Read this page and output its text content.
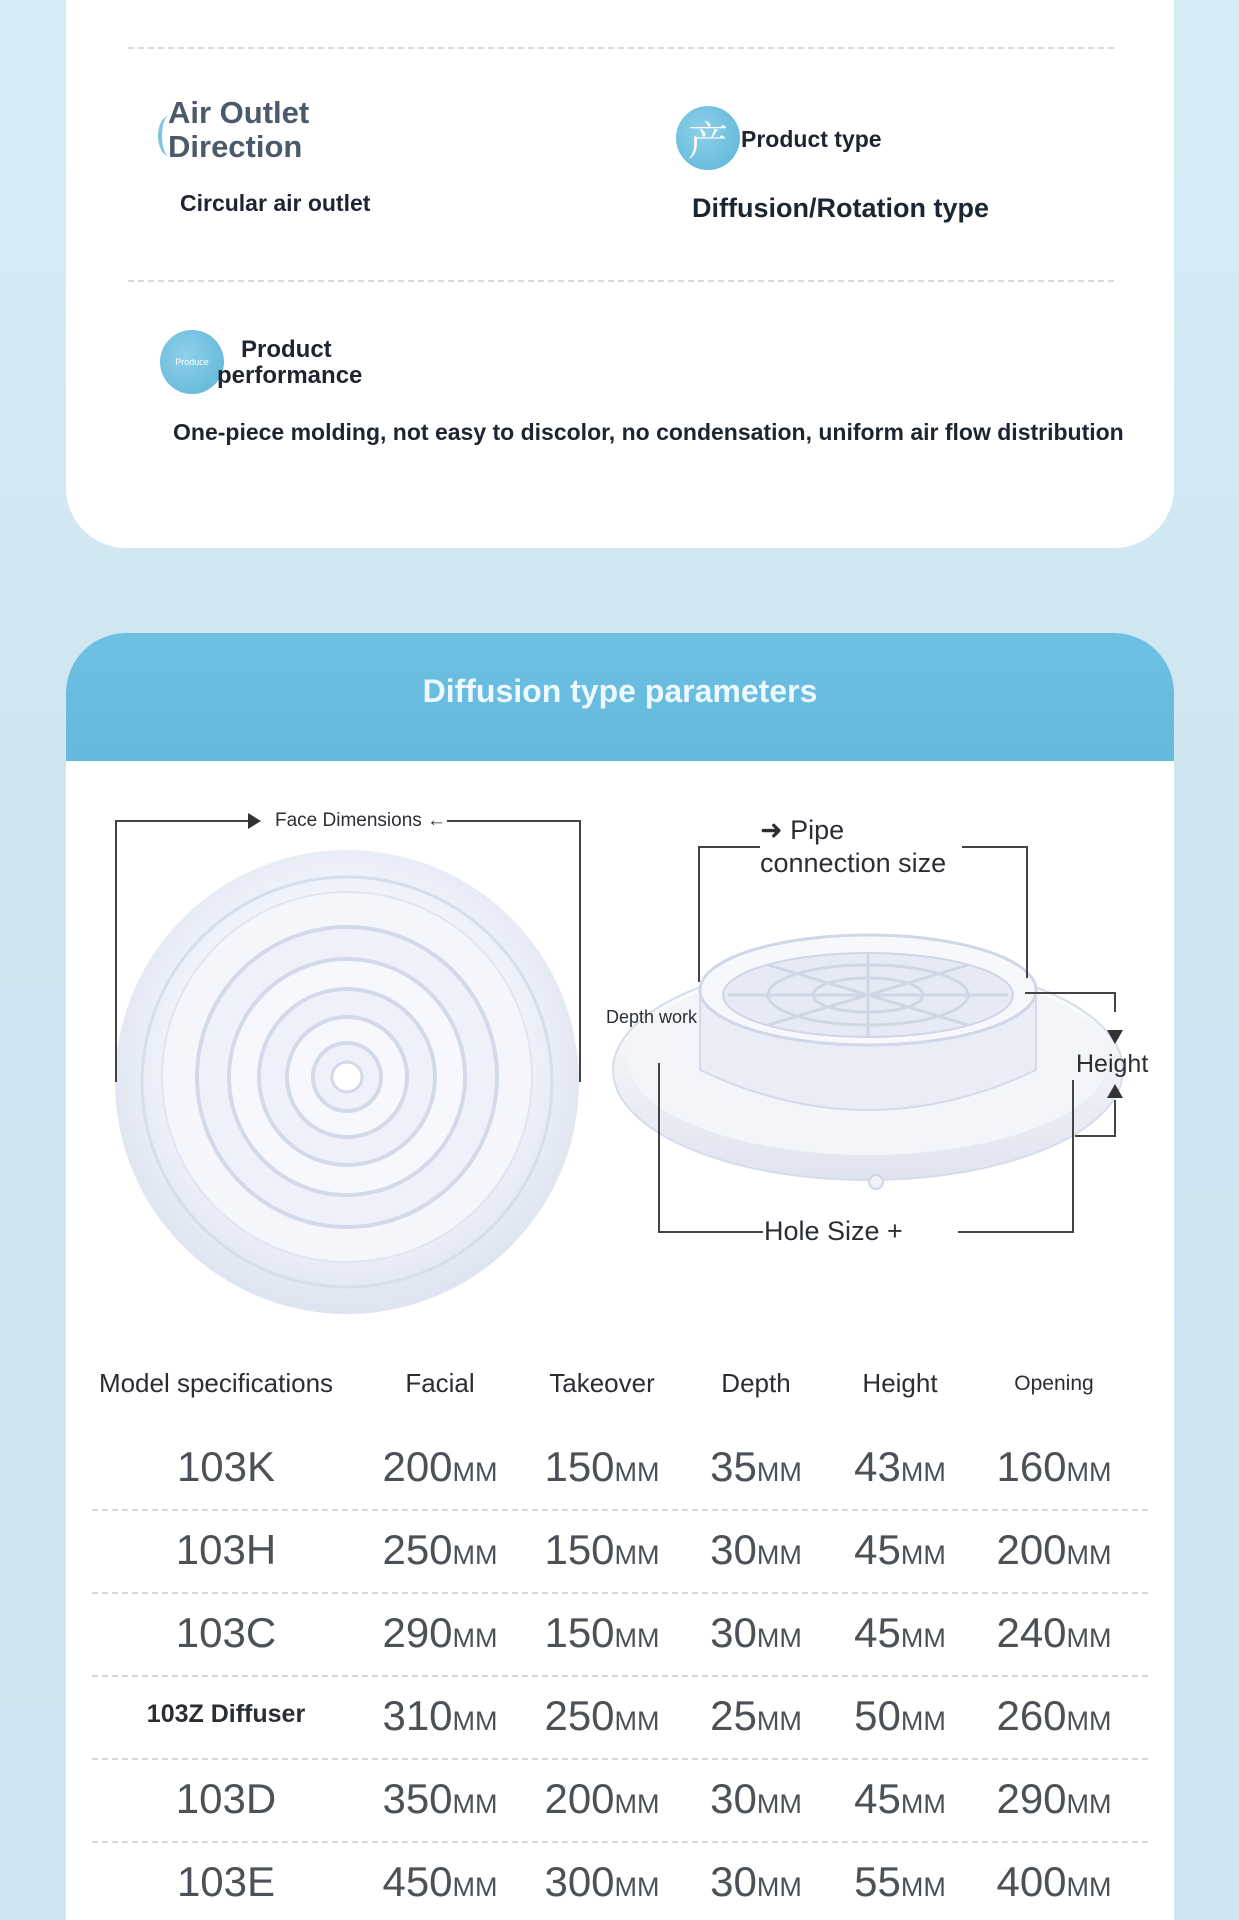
Air Outlet Direction
Circular air outlet
产 Product type
Diffusion/Rotation type
Produce	Product
performance
One-piece molding, not easy to discolor, no condensation, uniform air flow distribution
Diffusion type parameters
Face Dimensions ←	➜ Pipe
connection size
Depth work
Height
Hole Size +
Model specifications	Facial	Takeover	Depth	Height	Opening
103K	200MM 150MM	35MM	43MM	160MM
103H	250MM 150MM	30MM	45MM	200MM
103C	290MM 150MM	30MM	45MM	240MM
103Z Diffuser	310MM 250MM	25MM	50MM	260MM
103D	350MM 200MM	30MM	45MM	290MM
103E	450MM 300MM	30MM	55MM	400MM
